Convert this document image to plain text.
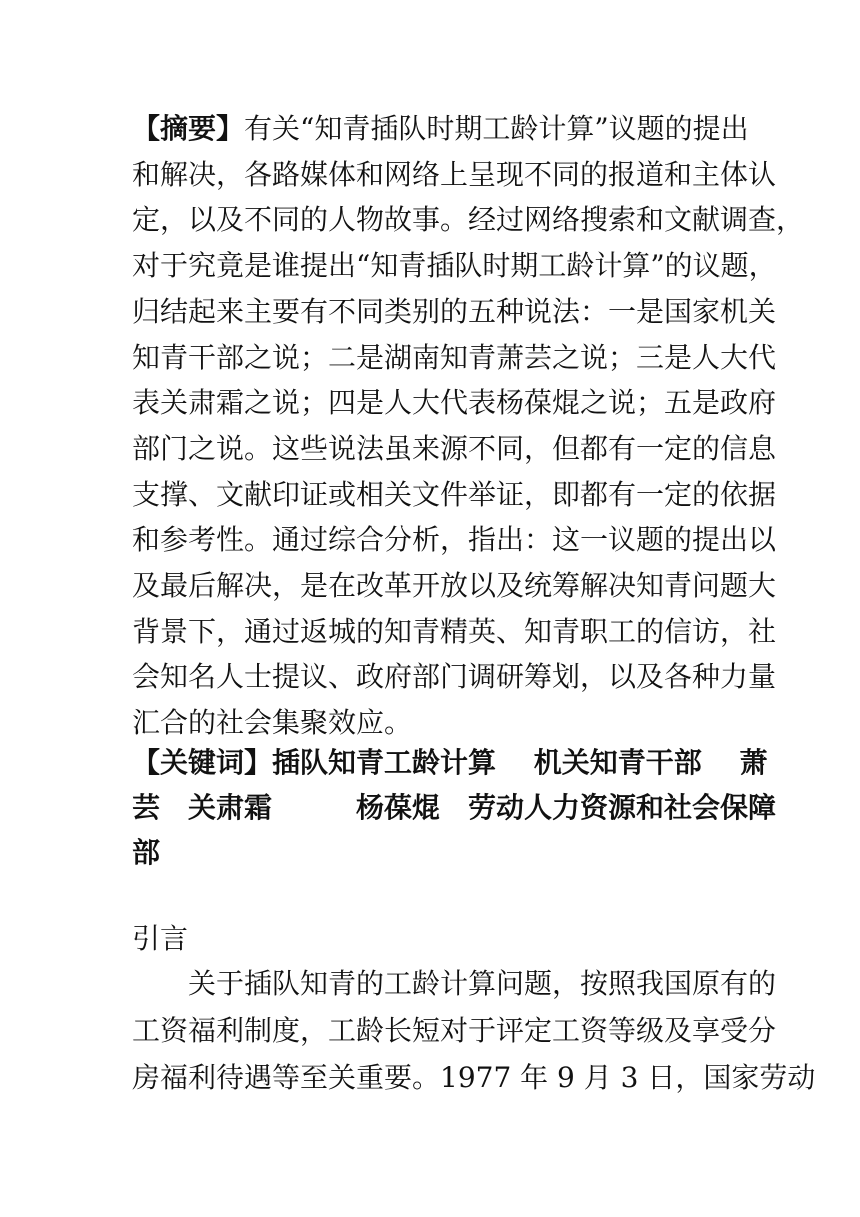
【摘要】有关“知青插队时期工龄计算”议题的提出
和解决，各路媒体和网络上呈现不同的报道和主体认
定，以及不同的人物故事。经过网络搜索和文献调查，
对于究竟是谁提出“知青插队时期工龄计算”的议题，
归结起来主要有不同类别的五种说法：一是国家机关
知青干部之说；二是湖南知青萧芸之说；三是人大代
表关肃霜之说；四是人大代表杨葆焜之说；五是政府
部门之说。这些说法虽来源不同，但都有一定的信息
支撑、文献印证或相关文件举证，即都有一定的依据
和参考性。通过综合分析，指出：这一议题的提出以
及最后解决，是在改革开放以及统筹解决知青问题大
背景下，通过返城的知青精英、知青职工的信访，社
会知名人士提议、政府部门调研筹划，以及各种力量
汇合的社会集聚效应。
【关键词】插队知青工龄计算　 机关知青干部　 萧
芸　关肃霜　　　杨葆焜　劳动人力资源和社会保障
部
引言
关于插队知青的工龄计算问题，按照我国原有的
工资福利制度，工龄长短对于评定工资等级及享受分
房福利待遇等至关重要。1977 年 9 月 3 日，国家劳动
